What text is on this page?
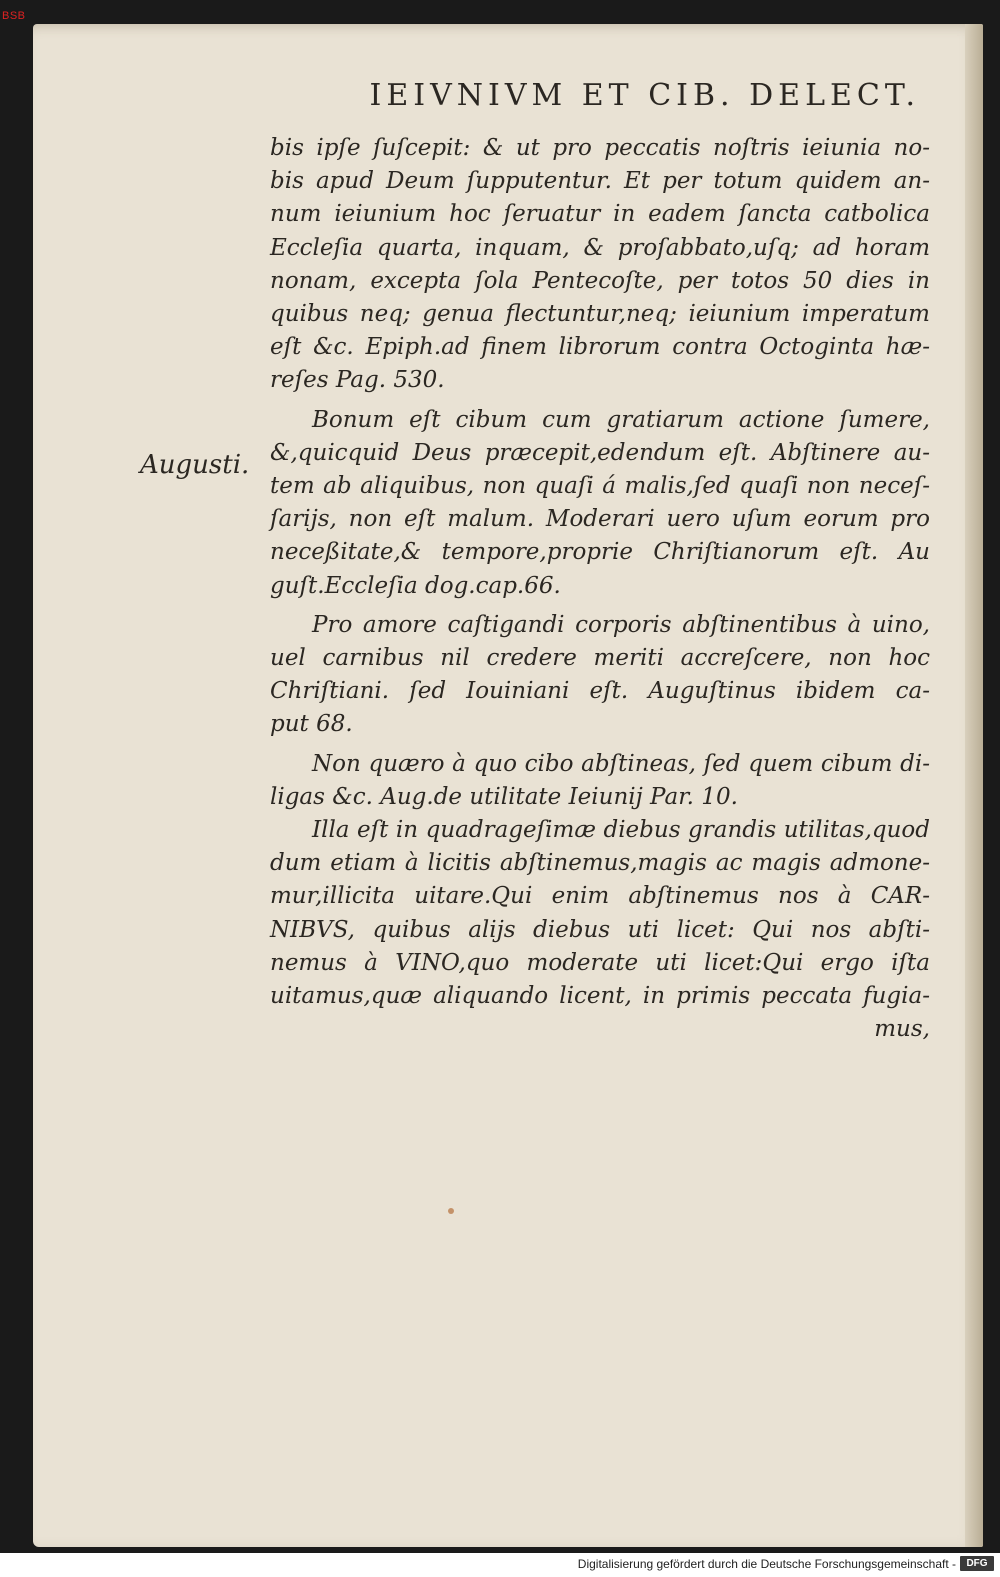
BSB
IEIVNIVM ET CIB. DELECT.
Augusti.
bis ipſe ſuſcepit: & ut pro peccatis noſtris ieiunia no-
bis apud Deum ſupputentur. Et per totum quidem an-
num ieiunium hoc ſeruatur in eadem ſancta catbolica
Eccleſia quarta, inquam, & proſabbato,uſq; ad horam
nonam, excepta ſola Pentecoſte, per totos 50 dies in
quibus neq; genua flectuntur,neq; ieiunium imperatum
eſt &c. Epiph.ad finem librorum contra Octoginta hæ-
reſes Pag. 530.
Bonum eſt cibum cum gratiarum actione ſumere,
&,quicquid Deus præcepit,edendum eſt. Abſtinere au-
tem ab aliquibus, non quaſi á malis,ſed quaſi non neceſ-
ſarijs, non eſt malum. Moderari uero uſum eorum pro
neceßitate,& tempore,proprie Chriſtianorum eſt. Au
guſt.Eccleſia dog.cap.66.
Pro amore caſtigandi corporis abſtinentibus à uino,
uel carnibus nil credere meriti accreſcere, non hoc
Chriſtiani. ſed Iouiniani eſt. Auguſtinus ibidem ca-
put 68.
Non quæro à quo cibo abſtineas, ſed quem cibum di-
ligas &c. Aug.de utilitate Ieiunij Par. 10.
Illa eſt in quadrageſimæ diebus grandis utilitas,quod
dum etiam à licitis abſtinemus,magis ac magis admone-
mur,illicita uitare.Qui enim abſtinemus nos à CAR-
NIBVS, quibus alijs diebus uti licet: Qui nos abſti-
nemus à VINO,quo moderate uti licet:Qui ergo iſta
uitamus,quæ aliquando licent, in primis peccata fugia-
mus,
Digitalisierung gefördert durch die Deutsche Forschungsgemeinschaft -	DFG
